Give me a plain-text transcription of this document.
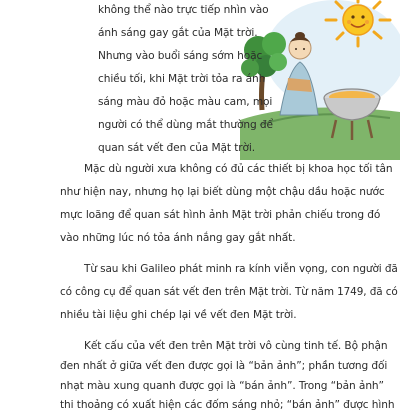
không thể nào trực tiếp nhìn vào
ánh sáng gay gắt của Mặt trời.
Nhưng vào buổi sáng sớm hoặc
chiều tối, khi Mặt trời tỏa ra ánh
sáng màu đỏ hoặc màu cam, mọi
người có thể dùng mắt thường để
quan sát vết đen của Mặt trời.
Mặc dù người xưa không có đủ các thiết bị khoa học tối tân
như hiện nay, nhưng họ lại biết dùng một chậu dầu hoặc nước
mực loãng để quan sát hình ảnh Mặt trời phản chiếu trong đó
vào những lúc nó tỏa ánh nắng gay gắt nhất.
Từ sau khi Galileo phát minh ra kính viễn vọng, con người đã
có công cụ để quan sát vết đen trên Mặt trời. Từ năm 1749, đã có
nhiều tài liệu ghi chép lại về vết đen Mặt trời.
Kết cấu của vết đen trên Mặt trời vô cùng tinh tế. Bộ phận
đen nhất ở giữa vết đen được gọi là “bản ảnh”; phần tương đối
nhạt màu xung quanh được gọi là “bán ảnh”. Trong “bản ảnh”
thi thoảng có xuất hiện các đốm sáng nhỏ; “bán ảnh” được hình
